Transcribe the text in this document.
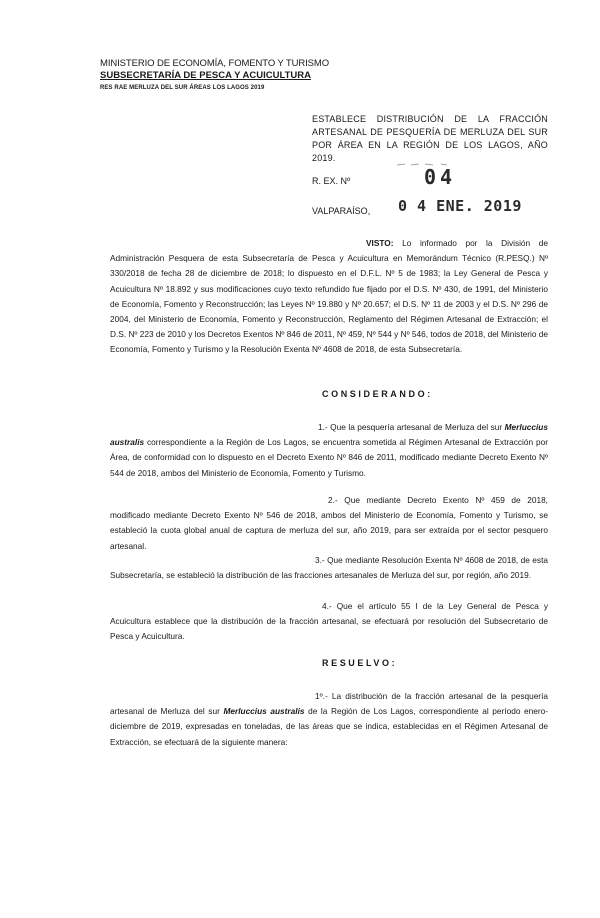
MINISTERIO DE ECONOMÍA, FOMENTO Y TURISMO
SUBSECRETARÍA DE PESCA Y ACUICULTURA
RES RAE MERLUZA DEL SUR ÁREAS LOS LAGOS 2019
ESTABLECE DISTRIBUCIÓN DE LA FRACCIÓN ARTESANAL DE PESQUERÍA DE MERLUZA DEL SUR POR ÁREA EN LA REGIÓN DE LOS LAGOS, AÑO 2019.
R. EX. Nº	04
VALPARAÍSO, 0 4 ENE. 2019
VISTO: Lo informado por la División de Administración Pesquera de esta Subsecretaría de Pesca y Acuicultura en Memorándum Técnico (R.PESQ.) Nº 330/2018 de fecha 28 de diciembre de 2018; lo dispuesto en el D.F.L. Nº 5 de 1983; la Ley General de Pesca y Acuicultura Nº 18.892 y sus modificaciones cuyo texto refundido fue fijado por el D.S. Nº 430, de 1991, del Ministerio de Economía, Fomento y Reconstrucción; las Leyes Nº 19.880 y Nº 20.657; el D.S. Nº 11 de 2003 y el D.S. Nº 296 de 2004, del Ministerio de Economía, Fomento y Reconstrucción, Reglamento del Régimen Artesanal de Extracción; el D.S. Nº 223 de 2010 y los Decretos Exentos Nº 846 de 2011, Nº 459, Nº 544 y Nº 546, todos de 2018, del Ministerio de Economía, Fomento y Turismo y la Resolución Exenta Nº 4608 de 2018, de esta Subsecretaría.
CONSIDERANDO:
1.- Que la pesquería artesanal de Merluza del sur Merluccius australis correspondiente a la Región de Los Lagos, se encuentra sometida al Régimen Artesanal de Extracción por Área, de conformidad con lo dispuesto en el Decreto Exento Nº 846 de 2011, modificado mediante Decreto Exento Nº 544 de 2018, ambos del Ministerio de Economía, Fomento y Turismo.
2.- Que mediante Decreto Exento Nº 459 de 2018, modificado mediante Decreto Exento Nº 546 de 2018, ambos del Ministerio de Economía, Fomento y Turismo, se estableció la cuota global anual de captura de merluza del sur, año 2019, para ser extraída por el sector pesquero artesanal.
3.- Que mediante Resolución Exenta Nº 4608 de 2018, de esta Subsecretaría, se estableció la distribución de las fracciones artesanales de Merluza del sur, por región, año 2019.
4.- Que el artículo 55 I de la Ley General de Pesca y Acuicultura establece que la distribución de la fracción artesanal, se efectuará por resolución del Subsecretario de Pesca y Acuicultura.
RESUELVO:
1º.- La distribución de la fracción artesanal de la pesquería artesanal de Merluza del sur Merluccius australis de la Región de Los Lagos, correspondiente al período enero-diciembre de 2019, expresadas en toneladas, de las áreas que se indica, establecidas en el Régimen Artesanal de Extracción, se efectuará de la siguiente manera:
